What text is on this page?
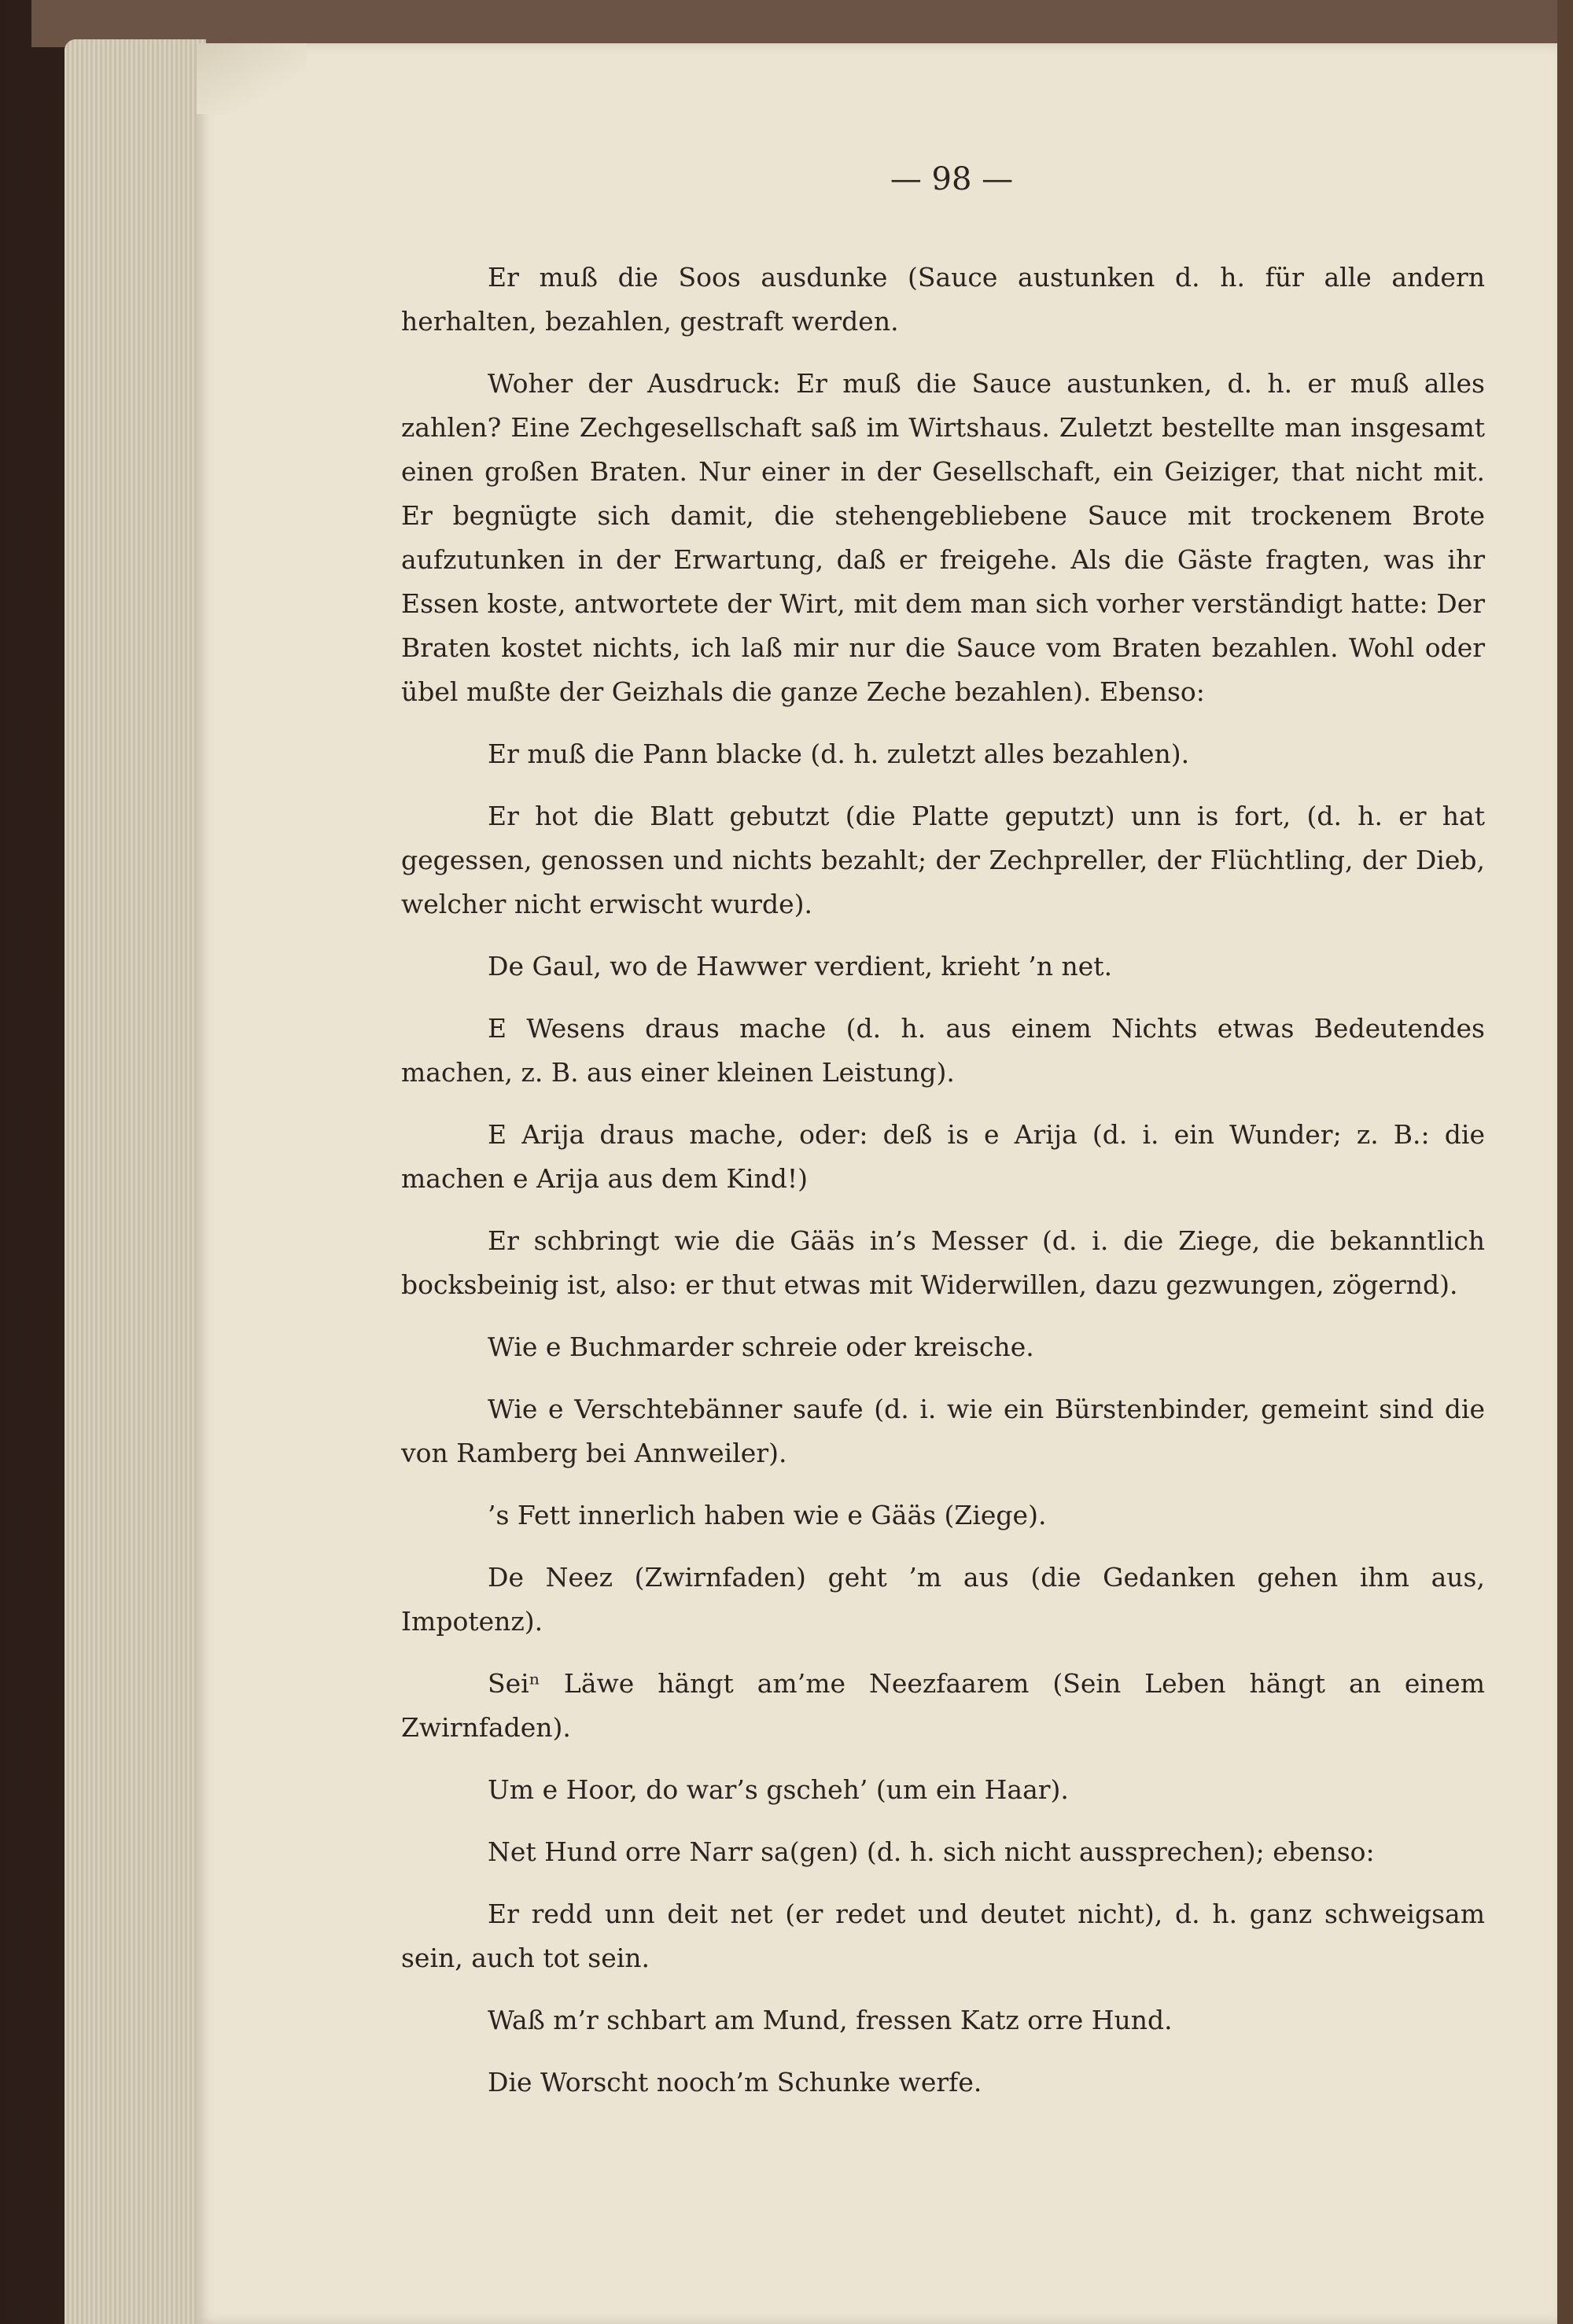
— 98 —

Er muß die Soos ausdunke (Sauce austunken d. h. für alle andern herhalten, bezahlen, gestraft werden.

Woher der Ausdruck: Er muß die Sauce austunken, d. h. er muß alles zahlen? Eine Zechgesellschaft saß im Wirtshaus. Zuletzt bestellte man insgesamt einen großen Braten. Nur einer in der Gesellschaft, ein Geiziger, that nicht mit. Er begnügte sich damit, die stehengebliebene Sauce mit trockenem Brote aufzutunken in der Erwartung, daß er freigehe. Als die Gäste fragten, was ihr Essen koste, antwortete der Wirt, mit dem man sich vorher verständigt hatte: Der Braten kostet nichts, ich laß mir nur die Sauce vom Braten bezahlen. Wohl oder übel mußte der Geizhals die ganze Zeche bezahlen). Ebenso:

Er muß die Pann blacke (d. h. zuletzt alles bezahlen).

Er hot die Blatt gebutzt (die Platte geputzt) unn is fort, (d. h. er hat gegessen, genossen und nichts bezahlt; der Zechpreller, der Flüchtling, der Dieb, welcher nicht erwischt wurde).

De Gaul, wo de Hawwer verdient, krieht ’n net.

E Wesens draus mache (d. h. aus einem Nichts etwas Bedeutendes machen, z. B. aus einer kleinen Leistung).

E Arija draus mache, oder: deß is e Arija (d. i. ein Wunder; z. B.: die machen e Arija aus dem Kind!)

Er schbringt wie die Gääs in’s Messer (d. i. die Ziege, die bekanntlich bocksbeinig ist, also: er thut etwas mit Widerwillen, dazu gezwungen, zögernd).

Wie e Buchmarder schreie oder kreische.

Wie e Verschtebänner saufe (d. i. wie ein Bürstenbinder, gemeint sind die von Ramberg bei Annweiler).

’s Fett innerlich haben wie e Gääs (Ziege).

De Neez (Zwirnfaden) geht ’m aus (die Gedanken gehen ihm aus, Impotenz).

Seiⁿ Läwe hängt am’me Neezfaarem (Sein Leben hängt an einem Zwirnfaden).

Um e Hoor, do war’s gscheh’ (um ein Haar).

Net Hund orre Narr sa(gen) (d. h. sich nicht aussprechen); ebenso:

Er redd unn deit net (er redet und deutet nicht), d. h. ganz schweigsam sein, auch tot sein.

Waß m’r schbart am Mund, fressen Katz orre Hund.

Die Worscht nooch’m Schunke werfe.
